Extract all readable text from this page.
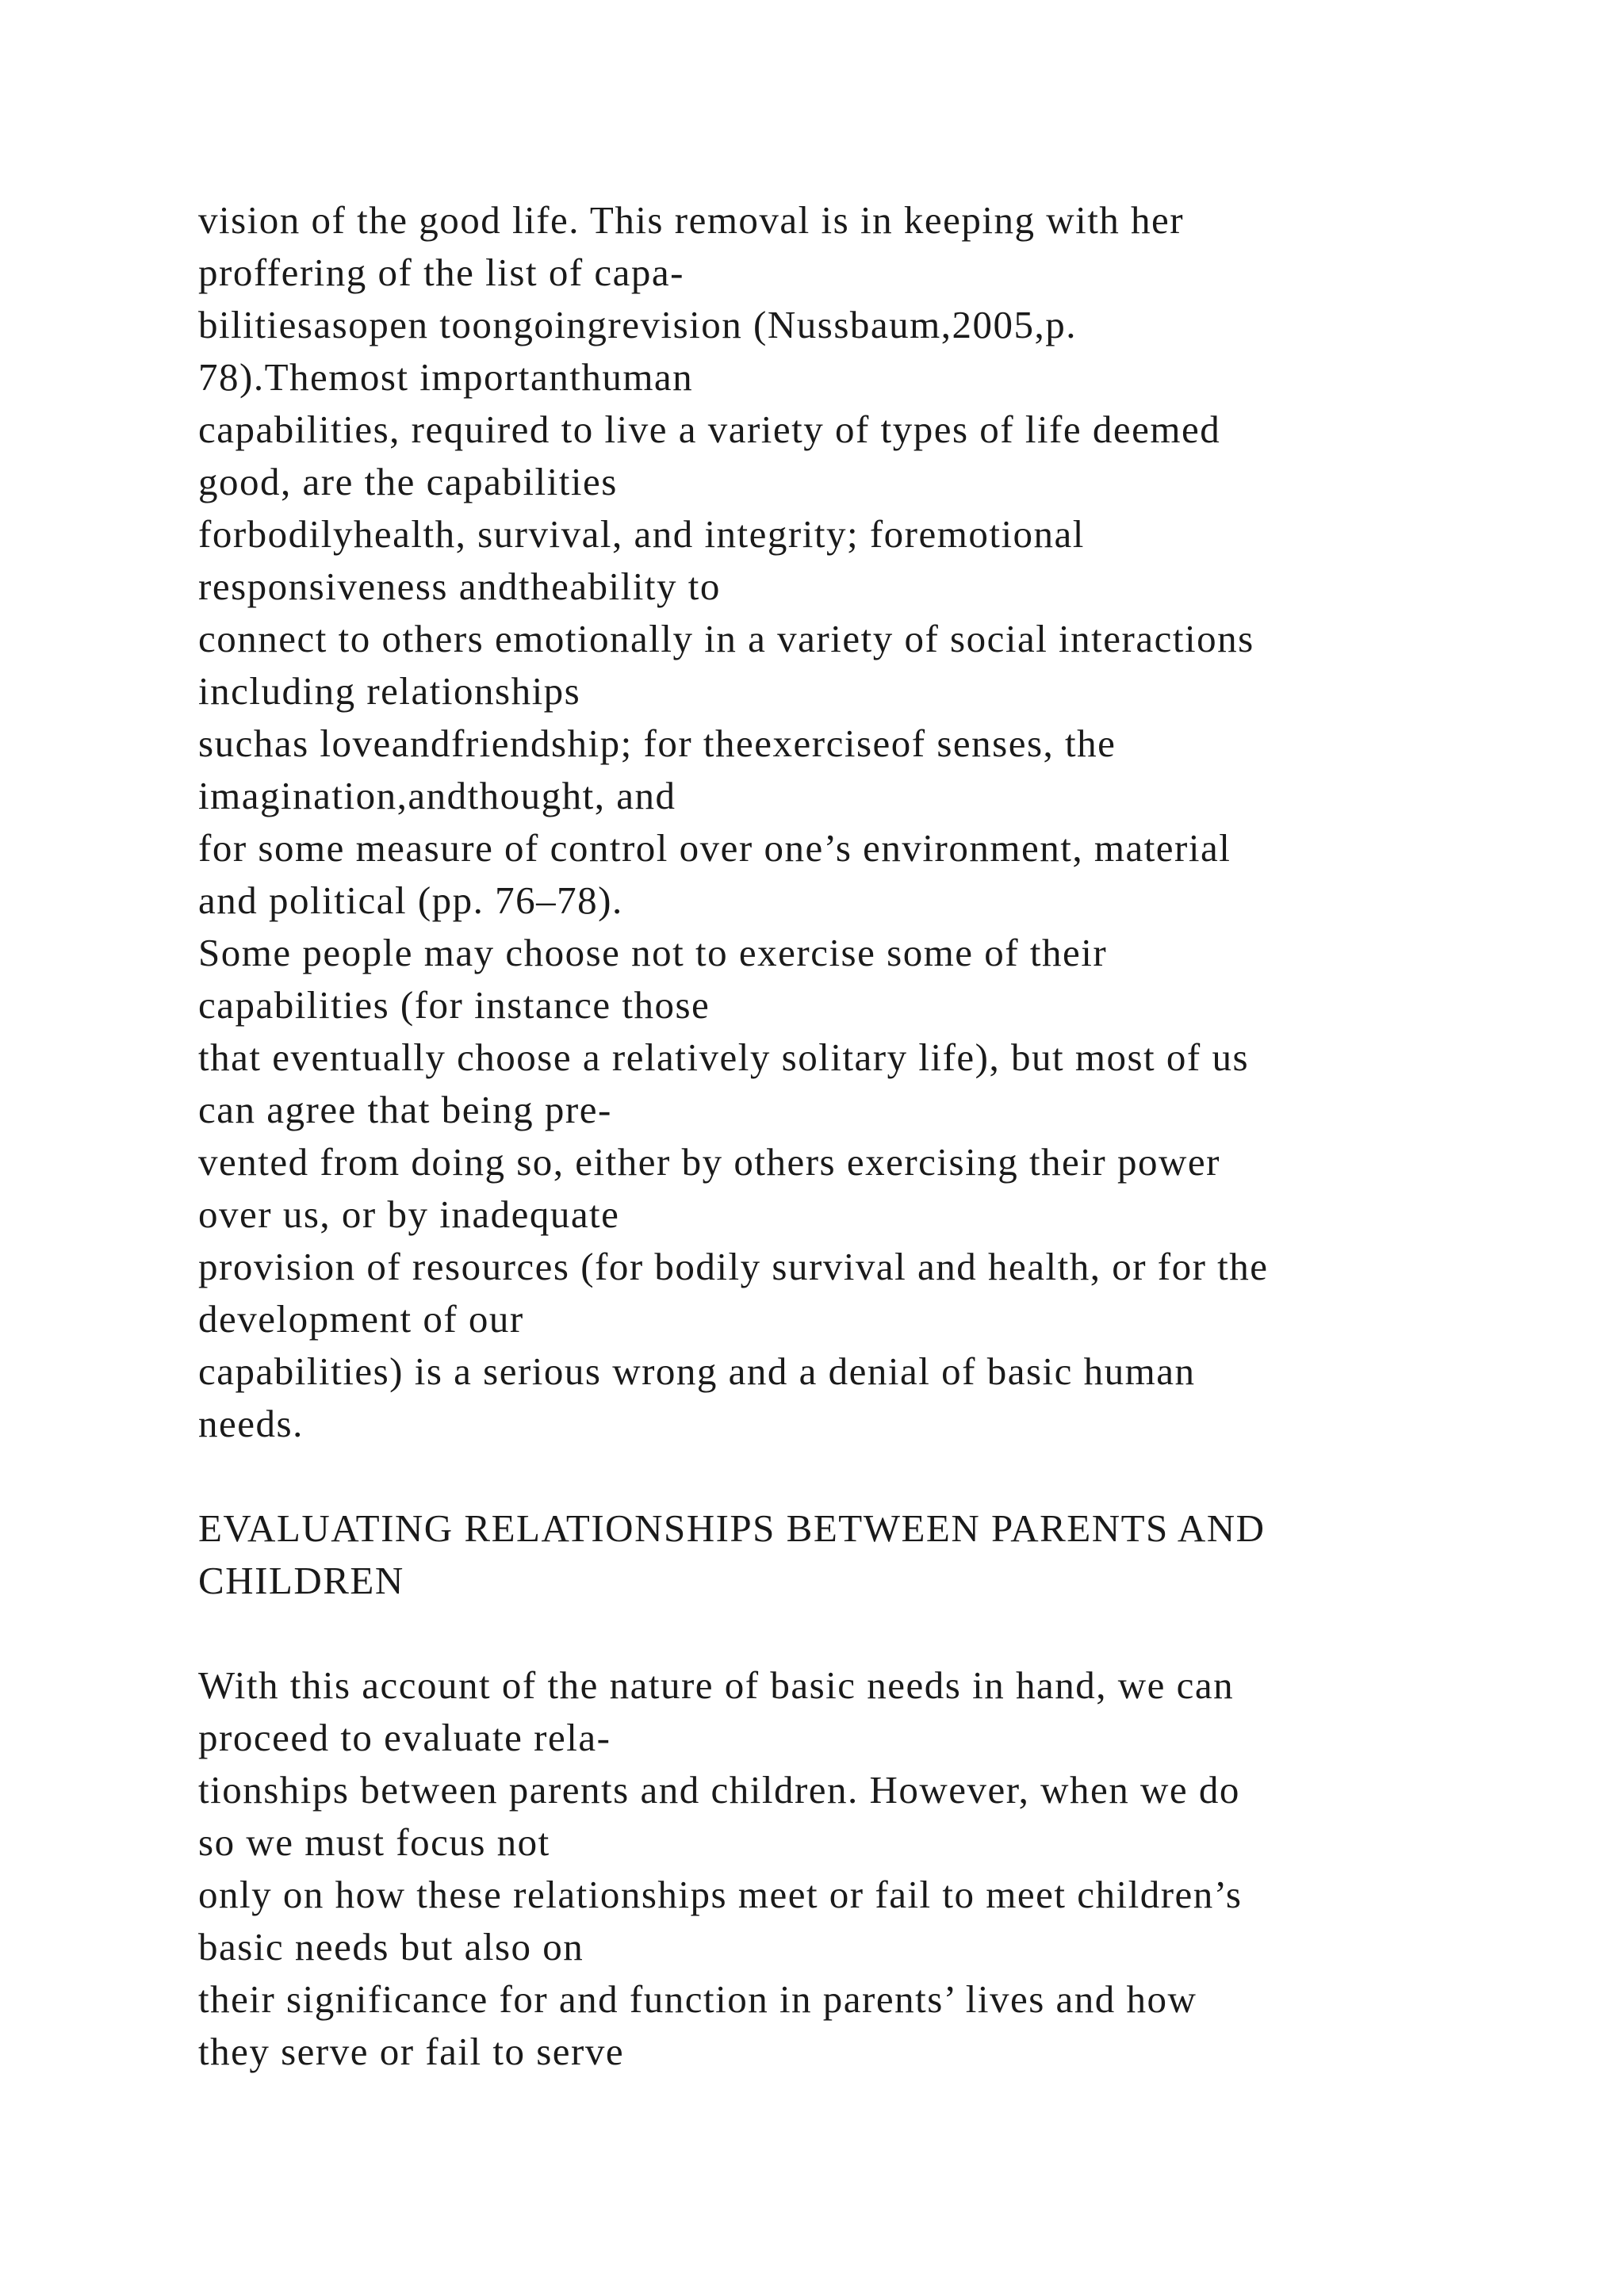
vision of the good life. This removal is in keeping with her
proffering of the list of capa-
bilitiesasopen toongoingrevision (Nussbaum,2005,p.
78).Themost importanthuman
capabilities, required to live a variety of types of life deemed
good, are the capabilities
forbodilyhealth, survival, and integrity; foremotional
responsiveness andtheability to
connect to others emotionally in a variety of social interactions
including relationships
suchas loveandfriendship; for theexerciseof senses, the
imagination,andthought, and
for some measure of control over one’s environment, material
and political (pp. 76–78).
Some people may choose not to exercise some of their
capabilities (for instance those
that eventually choose a relatively solitary life), but most of us
can agree that being pre-
vented from doing so, either by others exercising their power
over us, or by inadequate
provision of resources (for bodily survival and health, or for the
development of our
capabilities) is a serious wrong and a denial of basic human
needs.
EVALUATING RELATIONSHIPS BETWEEN PARENTS AND
CHILDREN
With this account of the nature of basic needs in hand, we can
proceed to evaluate rela-
tionships between parents and children. However, when we do
so we must focus not
only on how these relationships meet or fail to meet children’s
basic needs but also on
their significance for and function in parents’ lives and how
they serve or fail to serve
